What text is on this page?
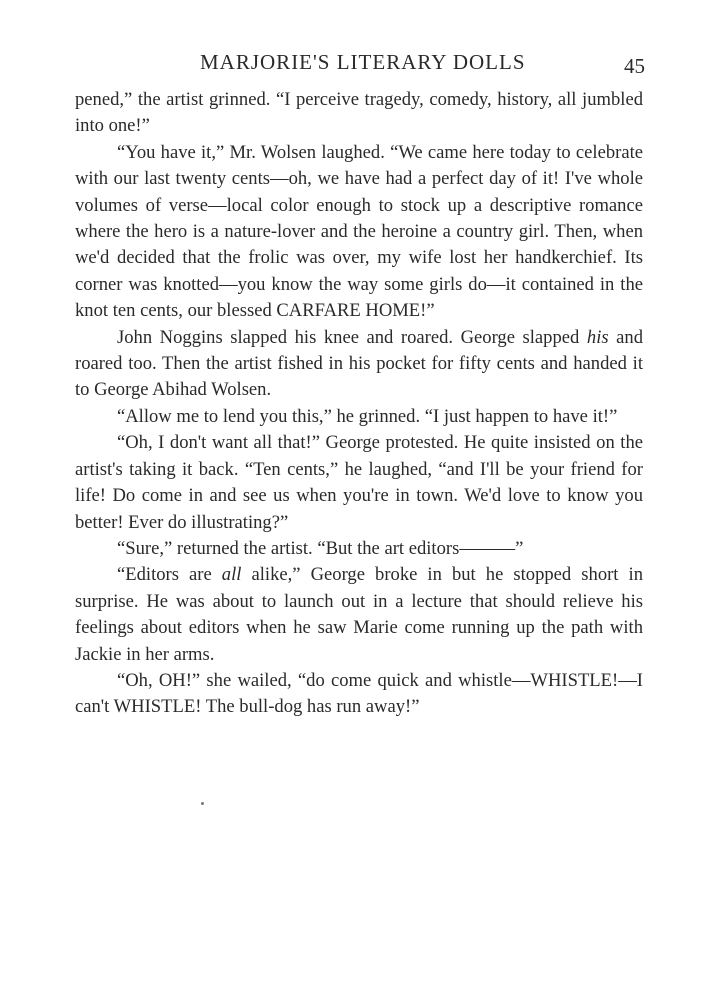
MARJORIE'S LITERARY DOLLS	45

pened,” the artist grinned. “I perceive tragedy, comedy, history, all jumbled into one!”

“You have it,” Mr. Wolsen laughed. “We came here today to celebrate with our last twenty cents—oh, we have had a perfect day of it! I've whole volumes of verse—local color enough to stock up a descriptive romance where the hero is a nature-lover and the heroine a country girl. Then, when we'd decided that the frolic was over, my wife lost her handkerchief. Its corner was knotted—you know the way some girls do—it contained in the knot ten cents, our blessed CARFARE HOME!”

John Noggins slapped his knee and roared. George slapped his and roared too. Then the artist fished in his pocket for fifty cents and handed it to George Abihad Wolsen.

“Allow me to lend you this,” he grinned. “I just happen to have it!”

“Oh, I don't want all that!” George protested. He quite insisted on the artist's taking it back. “Ten cents,” he laughed, “and I'll be your friend for life! Do come in and see us when you're in town. We'd love to know you better! Ever do illustrating?”

“Sure,” returned the artist. “But the art editors———”

“Editors are all alike,” George broke in but he stopped short in surprise. He was about to launch out in a lecture that should relieve his feelings about editors when he saw Marie come running up the path with Jackie in her arms.

“Oh, OH!” she wailed, “do come quick and whistle—WHISTLE!—I can't WHISTLE! The bull-dog has run away!”
